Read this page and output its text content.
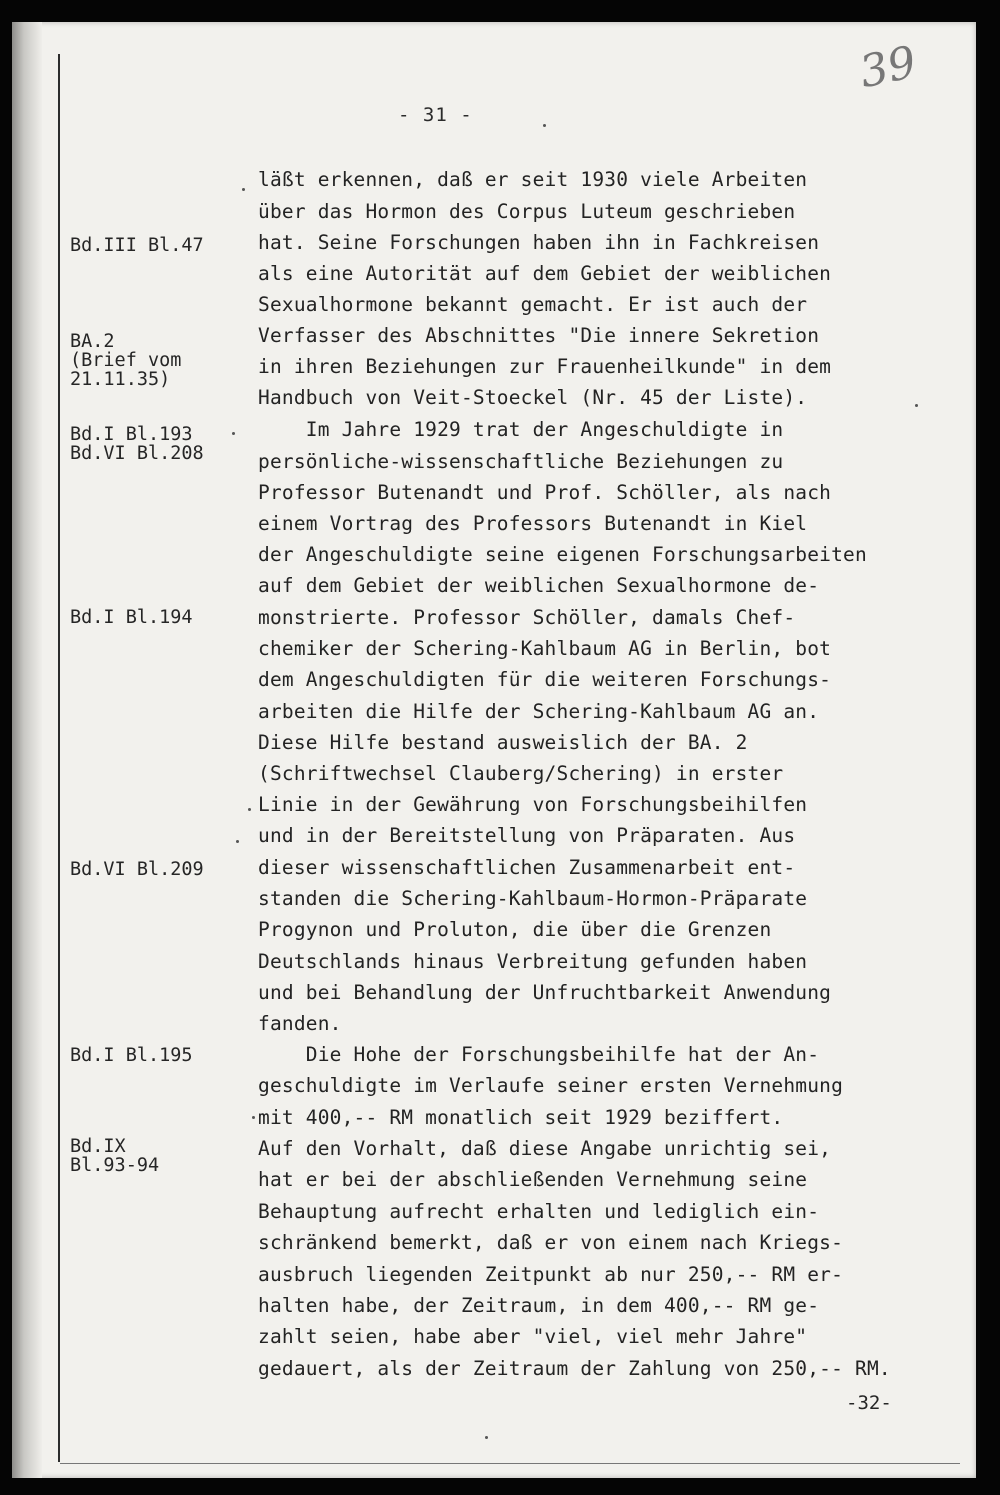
39
- 31 -
Bd.III Bl.47
BA.2
(Brief vom
21.11.35)
Bd.I Bl.193
Bd.VI Bl.208
Bd.I Bl.194
Bd.VI Bl.209
Bd.I Bl.195
Bd.IX
Bl.93-94
läßt erkennen, daß er seit 1930 viele Arbeiten
über das Hormon des Corpus Luteum geschrieben
hat. Seine Forschungen haben ihn in Fachkreisen
als eine Autorität auf dem Gebiet der weiblichen
Sexualhormone bekannt gemacht. Er ist auch der
Verfasser des Abschnittes "Die innere Sekretion
in ihren Beziehungen zur Frauenheilkunde" in dem
Handbuch von Veit-Stoeckel (Nr. 45 der Liste).
Im Jahre 1929 trat der Angeschuldigte in
persönliche-wissenschaftliche Beziehungen zu
Professor Butenandt und Prof. Schöller, als nach
einem Vortrag des Professors Butenandt in Kiel
der Angeschuldigte seine eigenen Forschungsarbeiten
auf dem Gebiet der weiblichen Sexualhormone de-
monstrierte. Professor Schöller, damals Chef-
chemiker der Schering-Kahlbaum AG in Berlin, bot
dem Angeschuldigten für die weiteren Forschungs-
arbeiten die Hilfe der Schering-Kahlbaum AG an.
Diese Hilfe bestand ausweislich der BA. 2
(Schriftwechsel Clauberg/Schering) in erster
Linie in der Gewährung von Forschungsbeihilfen
und in der Bereitstellung von Präparaten. Aus
dieser wissenschaftlichen Zusammenarbeit ent-
standen die Schering-Kahlbaum-Hormon-Präparate
Progynon und Proluton, die über die Grenzen
Deutschlands hinaus Verbreitung gefunden haben
und bei Behandlung der Unfruchtbarkeit Anwendung
fanden.
Die Hohe der Forschungsbeihilfe hat der An-
geschuldigte im Verlaufe seiner ersten Vernehmung
mit 400,-- RM monatlich seit 1929 beziffert.
Auf den Vorhalt, daß diese Angabe unrichtig sei,
hat er bei der abschließenden Vernehmung seine
Behauptung aufrecht erhalten und lediglich ein-
schränkend bemerkt, daß er von einem nach Kriegs-
ausbruch liegenden Zeitpunkt ab nur 250,-- RM er-
halten habe, der Zeitraum, in dem 400,-- RM ge-
zahlt seien, habe aber "viel, viel mehr Jahre"
gedauert, als der Zeitraum der Zahlung von 250,-- RM.
-32-
